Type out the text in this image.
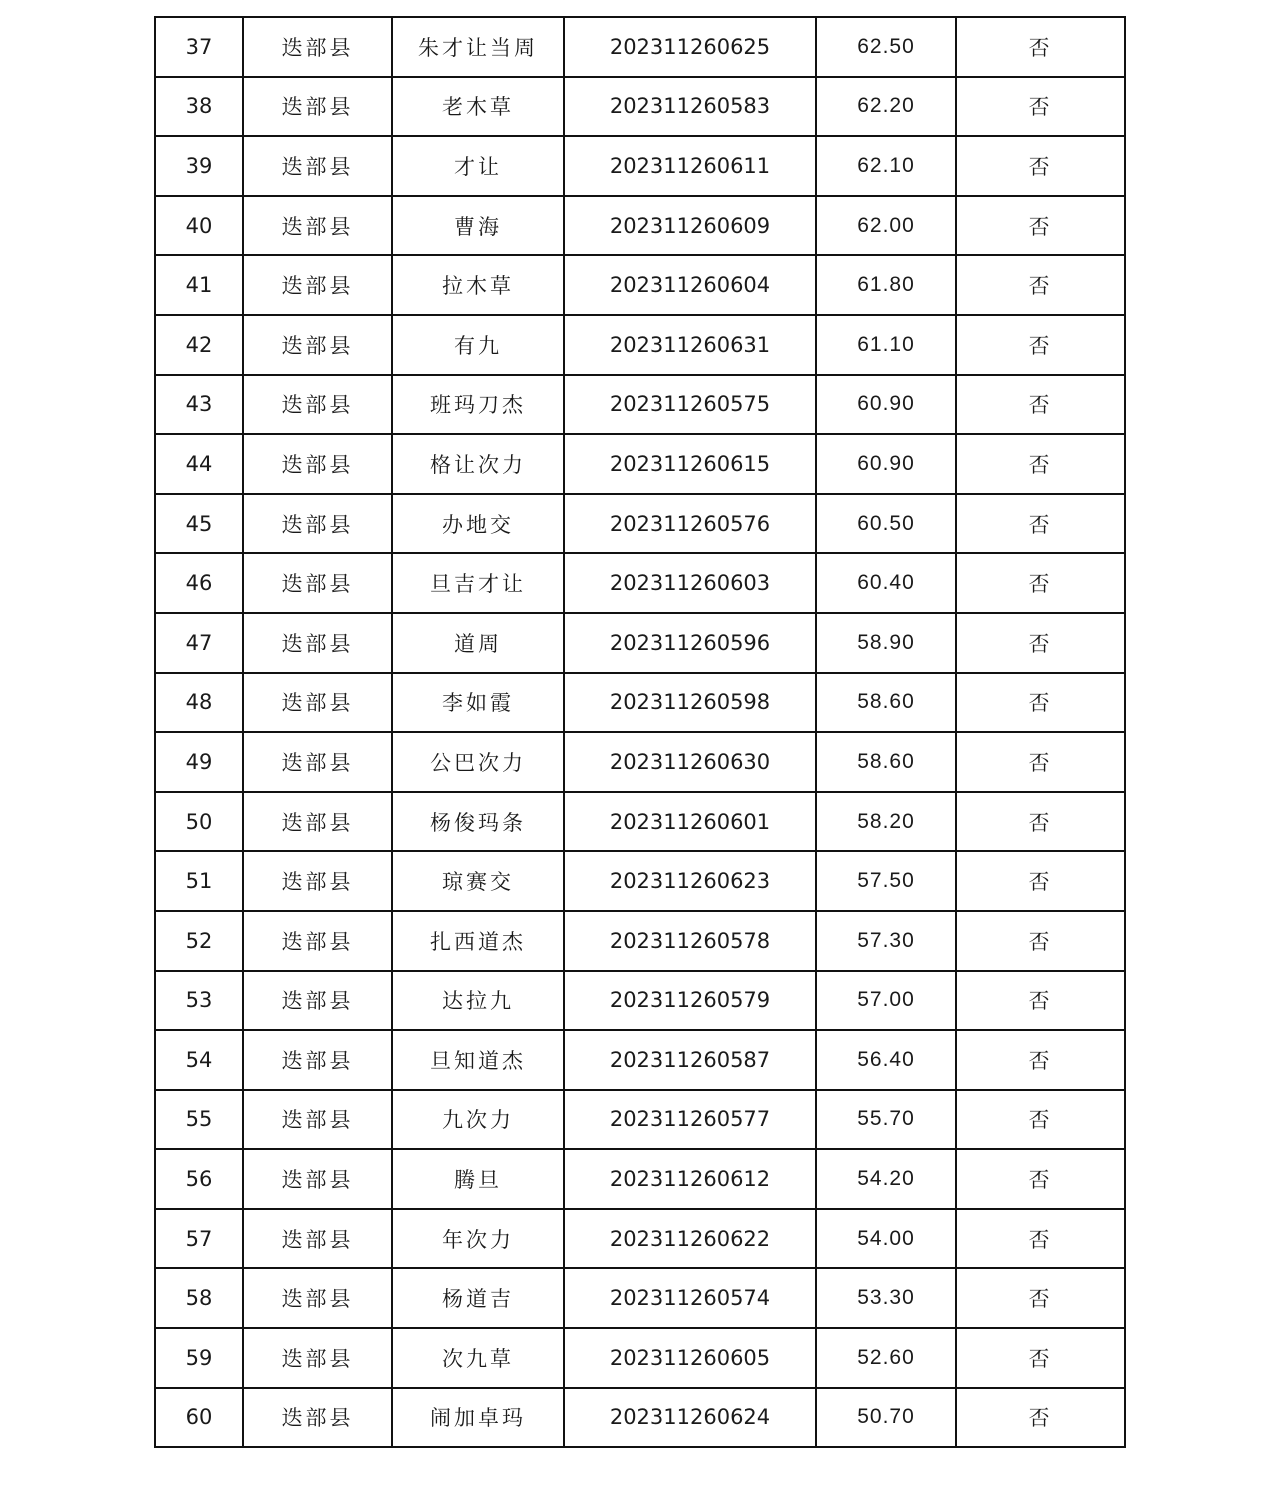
37	迭部县	朱才让当周	202311260625	62.50	否
38	迭部县	老木草	202311260583	62.20	否
39	迭部县	才让	202311260611	62.10	否
40	迭部县	曹海	202311260609	62.00	否
41	迭部县	拉木草	202311260604	61.80	否
42	迭部县	有九	202311260631	61.10	否
43	迭部县	班玛刀杰	202311260575	60.90	否
44	迭部县	格让次力	202311260615	60.90	否
45	迭部县	办地交	202311260576	60.50	否
46	迭部县	旦吉才让	202311260603	60.40	否
47	迭部县	道周	202311260596	58.90	否
48	迭部县	李如霞	202311260598	58.60	否
49	迭部县	公巴次力	202311260630	58.60	否
50	迭部县	杨俊玛条	202311260601	58.20	否
51	迭部县	琼赛交	202311260623	57.50	否
52	迭部县	扎西道杰	202311260578	57.30	否
53	迭部县	达拉九	202311260579	57.00	否
54	迭部县	旦知道杰	202311260587	56.40	否
55	迭部县	九次力	202311260577	55.70	否
56	迭部县	腾旦	202311260612	54.20	否
57	迭部县	年次力	202311260622	54.00	否
58	迭部县	杨道吉	202311260574	53.30	否
59	迭部县	次九草	202311260605	52.60	否
60	迭部县	闹加卓玛	202311260624	50.70	否
